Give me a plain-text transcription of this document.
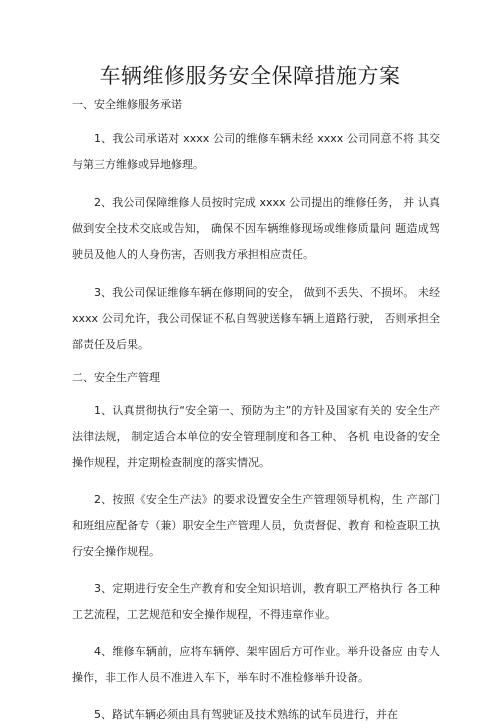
车辆维修服务安全保障措施方案

一、安全维修服务承诺

1、我公司承诺对 xxxx 公司的维修车辆未经 xxxx 公司同意不将 其交与第三方维修或异地修理。

2、我公司保障维修人员按时完成 xxxx 公司提出的维修任务， 并 认真做到安全技术交底或告知， 确保不因车辆维修现场或维修质量问 题造成驾驶员及他人的人身伤害，否则我方承担相应责任。

3、我公司保证维修车辆在修期间的安全， 做到不丢失、不损坏。 未经 xxxx 公司允许，我公司保证不私自驾驶送修车辆上道路行驶， 否则承担全部责任及后果。

二、安全生产管理

1、认真贯彻执行“安全第一、预防为主”的方针及国家有关的 安全生产法律法规， 制定适合本单位的安全管理制度和各工种、 各机 电设备的安全操作规程，并定期检查制度的落实情况。

2、按照《安全生产法》的要求设置安全生产管理领导机构，生 产部门和班组应配备专（兼）职安全生产管理人员，负责督促、教育 和检查职工执行安全操作规程。

3、定期进行安全生产教育和安全知识培训，教育职工严格执行 各工种工艺流程，工艺规范和安全操作规程，不得违章作业。

4、维修车辆前，应将车辆停、架牢固后方可作业。举升设备应 由专人操作，非工作人员不准进入车下，举车时不准检修举升设备。

5、路试车辆必须由具有驾驶证及技术熟练的试车员进行，并在
